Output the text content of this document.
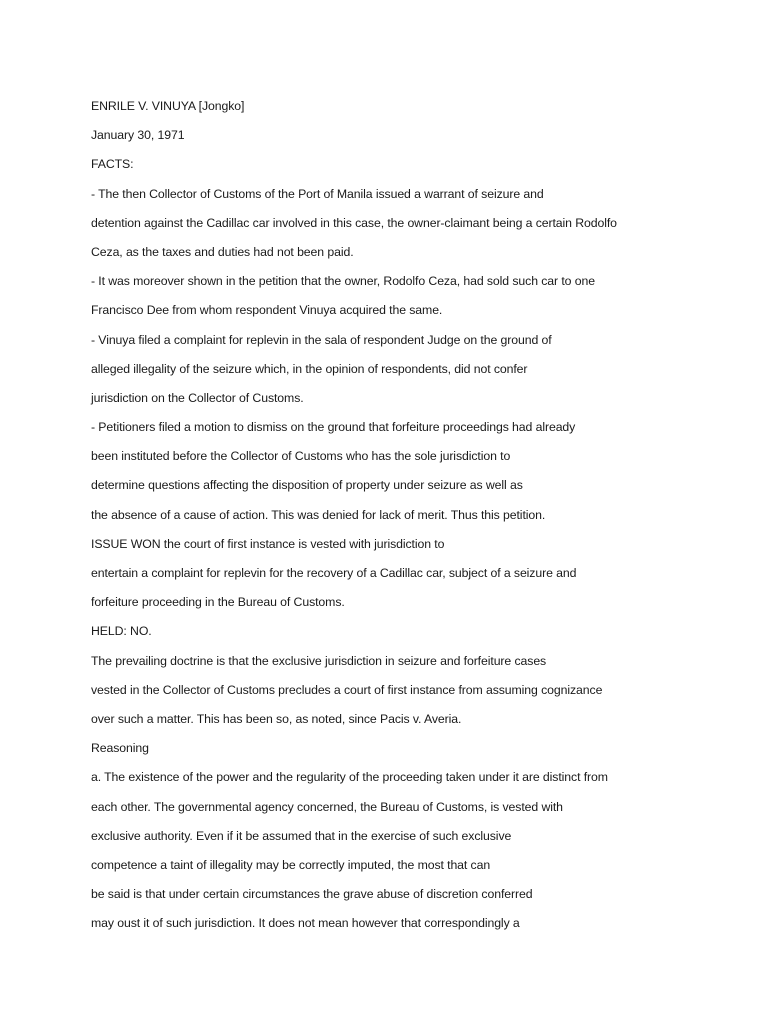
ENRILE V. VINUYA [Jongko]
January 30, 1971
FACTS:
- The then Collector of Customs of the Port of Manila issued a warrant of seizure and
detention against the Cadillac car involved in this case, the owner-claimant being a certain Rodolfo
Ceza, as the taxes and duties had not been paid.
- It was moreover shown in the petition that the owner, Rodolfo Ceza, had sold such car to one
Francisco Dee from whom respondent Vinuya acquired the same.
- Vinuya filed a complaint for replevin in the sala of respondent Judge on the ground of
alleged illegality of the seizure which, in the opinion of respondents, did not confer
jurisdiction on the Collector of Customs.
- Petitioners filed a motion to dismiss on the ground that forfeiture proceedings had already
been instituted before the Collector of Customs who has the sole jurisdiction to
determine questions affecting the disposition of property under seizure as well as
the absence of a cause of action. This was denied for lack of merit. Thus this petition.
ISSUE WON the court of first instance is vested with jurisdiction to
entertain a complaint for replevin for the recovery of a Cadillac car, subject of a seizure and
forfeiture proceeding in the Bureau of Customs.
HELD: NO.
The prevailing doctrine is that the exclusive jurisdiction in seizure and forfeiture cases
vested in the Collector of Customs precludes a court of first instance from assuming cognizance
over such a matter. This has been so, as noted, since Pacis v. Averia.
Reasoning
a. The existence of the power and the regularity of the proceeding taken under it are distinct from
each other. The governmental agency concerned, the Bureau of Customs, is vested with
exclusive authority. Even if it be assumed that in the exercise of such exclusive
competence a taint of illegality may be correctly imputed, the most that can
be said is that under certain circumstances the grave abuse of discretion conferred
may oust it of such jurisdiction. It does not mean however that correspondingly a
